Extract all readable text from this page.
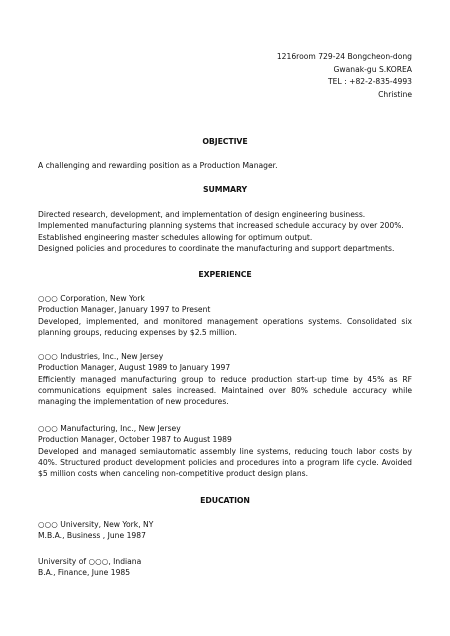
1216room 729-24 Bongcheon-dong
Gwanak-gu S.KOREA
TEL : +82-2-835-4993
Christine
OBJECTIVE

A challenging and rewarding position as a Production Manager.

SUMMARY

Directed research, development, and implementation of design engineering business.

Implemented manufacturing planning systems that increased schedule accuracy by over 200%.

Established engineering master schedules allowing for optimum output.

Designed policies and procedures to coordinate the manufacturing and support departments.

EXPERIENCE

○○○ Corporation, New York

Production Manager, January 1997 to Present

Developed, implemented, and monitored management operations systems. Consolidated six planning groups, reducing expenses by $2.5 million.

○○○ Industries, Inc., New Jersey

Production Manager, August 1989 to January 1997

Efficiently managed manufacturing group to reduce production start-up time by 45% as RF communications equipment sales increased. Maintained over 80% schedule accuracy while managing the implementation of new procedures.

○○○ Manufacturing, Inc., New Jersey

Production Manager, October 1987 to August 1989

Developed and managed semiautomatic assembly line systems, reducing touch labor costs by 40%. Structured product development policies and procedures into a program life cycle. Avoided $5 million costs when canceling non-competitive product design plans.

EDUCATION

○○○ University, New York, NY

M.B.A., Business , June 1987

University of ○○○, Indiana

B.A., Finance, June 1985
